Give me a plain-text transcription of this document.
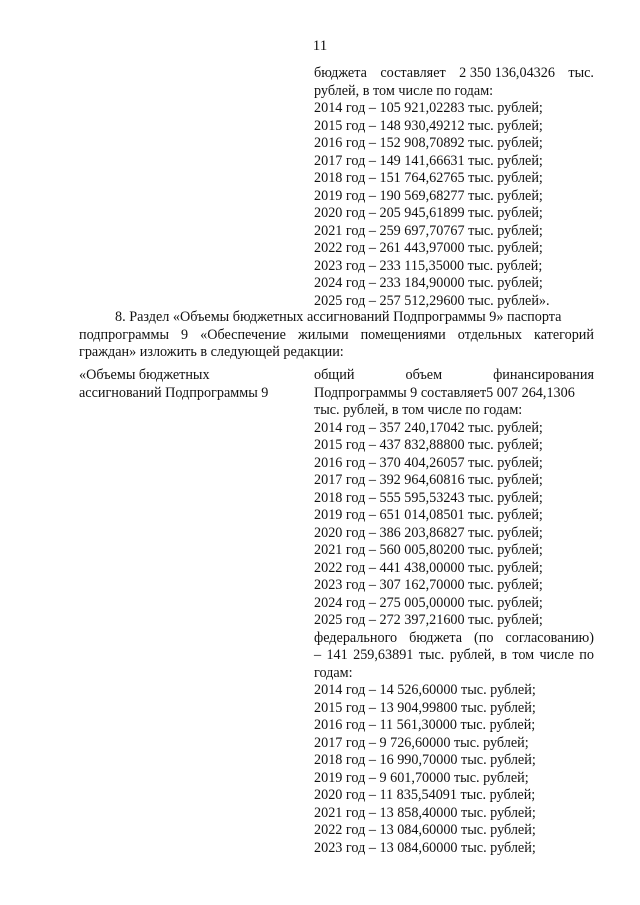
11
бюджета составляет 2 350 136,04326 тыс.
рублей, в том числе по годам:
2014 год – 105 921,02283 тыс. рублей;
2015 год – 148 930,49212 тыс. рублей;
2016 год – 152 908,70892 тыс. рублей;
2017 год – 149 141,66631 тыс. рублей;
2018 год – 151 764,62765 тыс. рублей;
2019 год – 190 569,68277 тыс. рублей;
2020 год – 205 945,61899 тыс. рублей;
2021 год – 259 697,70767 тыс. рублей;
2022 год – 261 443,97000 тыс. рублей;
2023 год – 233 115,35000 тыс. рублей;
2024 год – 233 184,90000 тыс. рублей;
2025 год – 257 512,29600 тыс. рублей».
8. Раздел «Объемы бюджетных ассигнований Подпрограммы 9» паспорта
подпрограммы 9 «Обеспечение жилыми помещениями отдельных категорий
граждан» изложить в следующей редакции:
«Объемы бюджетных
ассигнований Подпрограммы 9
общий	объем	финансирования
Подпрограммы 9 составляет5 007 264,1306
тыс. рублей, в том числе по годам:
2014 год – 357 240,17042 тыс. рублей;
2015 год – 437 832,88800 тыс. рублей;
2016 год – 370 404,26057 тыс. рублей;
2017 год – 392 964,60816 тыс. рублей;
2018 год – 555 595,53243 тыс. рублей;
2019 год – 651 014,08501 тыс. рублей;
2020 год – 386 203,86827 тыс. рублей;
2021 год – 560 005,80200 тыс. рублей;
2022 год – 441 438,00000 тыс. рублей;
2023 год – 307 162,70000 тыс. рублей;
2024 год – 275 005,00000 тыс. рублей;
2025 год – 272 397,21600 тыс. рублей;
федерального бюджета (по согласованию)
– 141 259,63891 тыс. рублей, в том числе по
годам:
2014 год – 14 526,60000 тыс. рублей;
2015 год – 13 904,99800 тыс. рублей;
2016 год – 11 561,30000 тыс. рублей;
2017 год – 9 726,60000 тыс. рублей;
2018 год – 16 990,70000 тыс. рублей;
2019 год – 9 601,70000 тыс. рублей;
2020 год – 11 835,54091 тыс. рублей;
2021 год – 13 858,40000 тыс. рублей;
2022 год – 13 084,60000 тыс. рублей;
2023 год – 13 084,60000 тыс. рублей;
